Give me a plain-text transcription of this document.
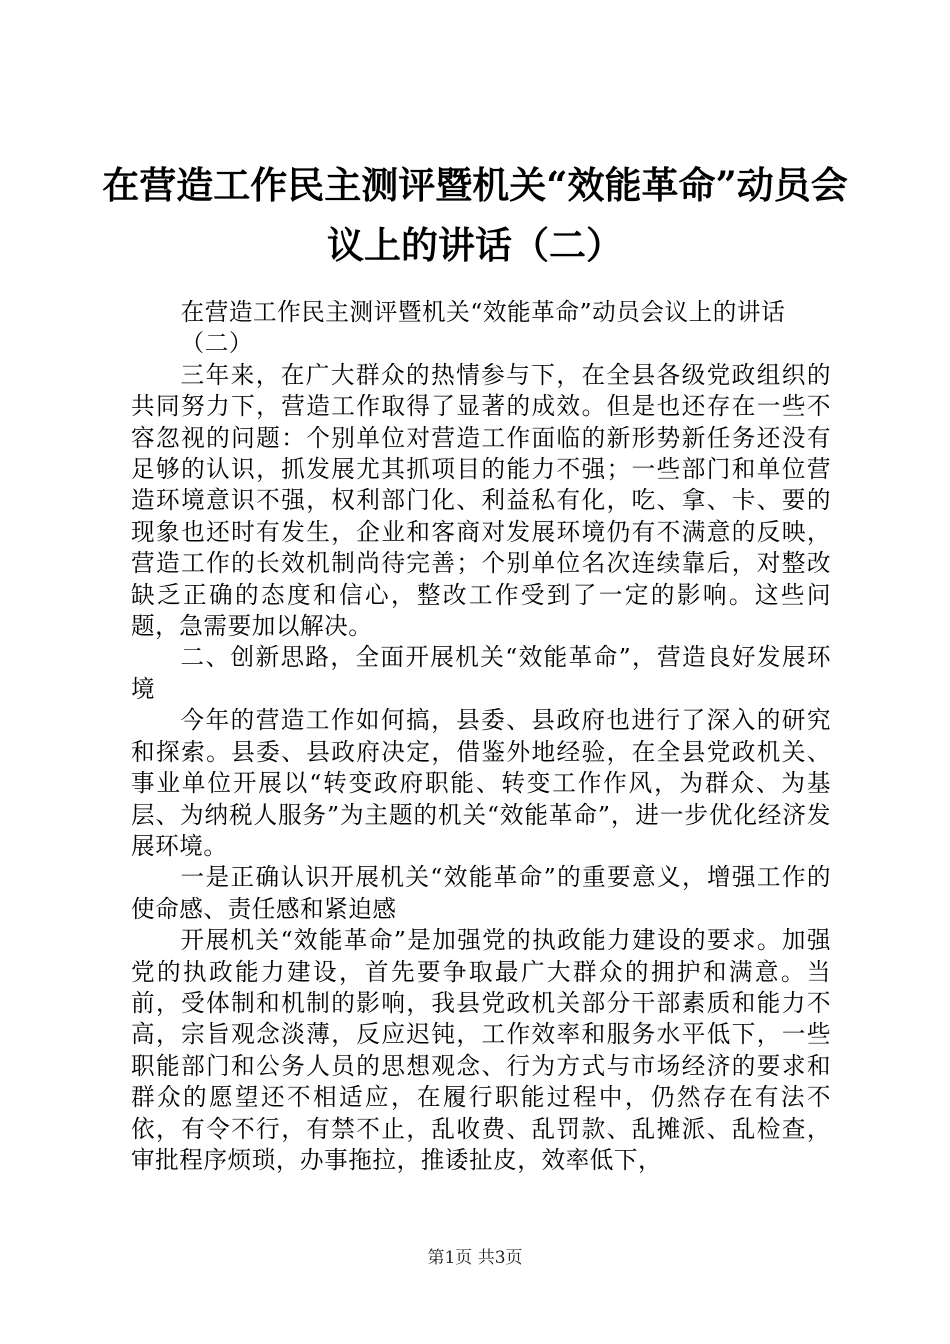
在营造工作民主测评暨机关“效能革命”动员会议上的讲话（二）

在营造工作民主测评暨机关“效能革命”动员会议上的讲话

（二）

三年来，在广大群众的热情参与下，在全县各级党政组织的共同努力下，营造工作取得了显著的成效。但是也还存在一些不容忽视的问题：个别单位对营造工作面临的新形势新任务还没有足够的认识，抓发展尤其抓项目的能力不强；一些部门和单位营造环境意识不强，权利部门化、利益私有化，吃、拿、卡、要的现象也还时有发生，企业和客商对发展环境仍有不满意的反映，营造工作的长效机制尚待完善；个别单位名次连续靠后，对整改缺乏正确的态度和信心，整改工作受到了一定的影响。这些问题，急需要加以解决。

二、创新思路，全面开展机关“效能革命”，营造良好发展环境

今年的营造工作如何搞，县委、县政府也进行了深入的研究和探索。县委、县政府决定，借鉴外地经验，在全县党政机关、事业单位开展以“转变政府职能、转变工作作风，为群众、为基层、为纳税人服务”为主题的机关“效能革命”，进一步优化经济发展环境。

一是正确认识开展机关“效能革命”的重要意义，增强工作的使命感、责任感和紧迫感

开展机关“效能革命”是加强党的执政能力建设的要求。加强党的执政能力建设，首先要争取最广大群众的拥护和满意。当前，受体制和机制的影响，我县党政机关部分干部素质和能力不高，宗旨观念淡薄，反应迟钝，工作效率和服务水平低下，一些职能部门和公务人员的思想观念、行为方式与市场经济的要求和群众的愿望还不相适应，在履行职能过程中，仍然存在有法不依，有令不行，有禁不止，乱收费、乱罚款、乱摊派、乱检查，审批程序烦琐，办事拖拉，推诿扯皮，效率低下，

第1页 共3页
